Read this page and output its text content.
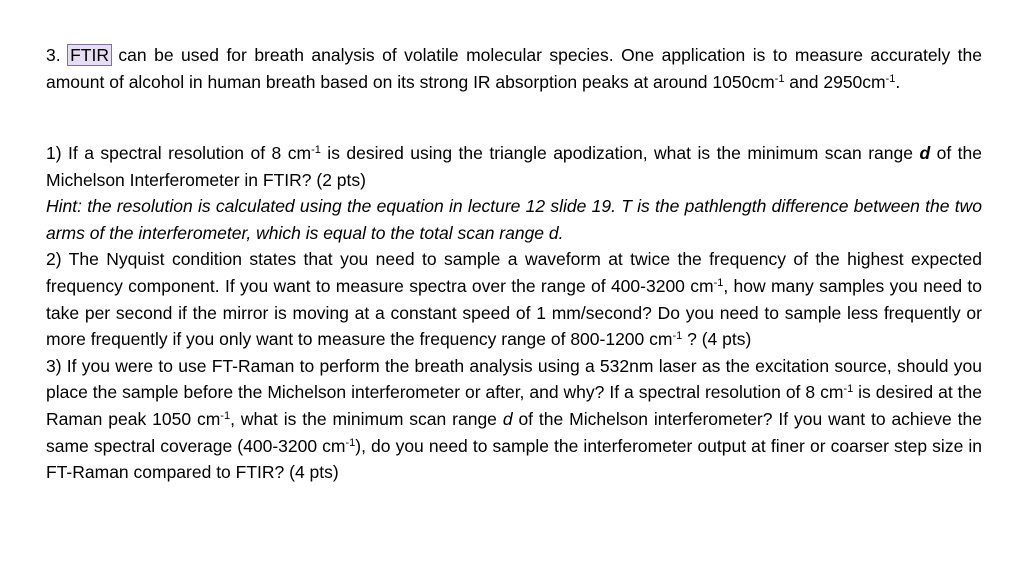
3. FTIR can be used for breath analysis of volatile molecular species. One application is to measure accurately the amount of alcohol in human breath based on its strong IR absorption peaks at around $1050cm^{-1}$ and $2950cm^{-1}$.

1) If a spectral resolution of 8 $cm^{-1}$ is desired using the triangle apodization, what is the minimum scan range d of the Michelson Interferometer in FTIR? (2 pts)

Hint: the resolution is calculated using the equation in lecture 12 slide 19. T is the pathlength difference between the two arms of the interferometer, which is equal to the total scan range d.

2) The Nyquist condition states that you need to sample a waveform at twice the frequency of the highest expected frequency component. If you want to measure spectra over the range of 400-3200 $cm^{-1}$, how many samples you need to take per second if the mirror is moving at a constant speed of 1 mm/second? Do you need to sample less frequently or more frequently if you only want to measure the frequency range of 800-1200 $cm^{-1}$ ? (4 pts)

3) If you were to use FT-Raman to perform the breath analysis using a 532nm laser as the excitation source, should you place the sample before the Michelson interferometer or after, and why? If a spectral resolution of 8 $cm^{-1}$ is desired at the Raman peak 1050 $cm^{-1}$, what is the minimum scan range d of the Michelson interferometer? If you want to achieve the same spectral coverage (400-3200 $cm^{-1}$), do you need to sample the interferometer output at finer or coarser step size in FT-Raman compared to FTIR? (4 pts)
